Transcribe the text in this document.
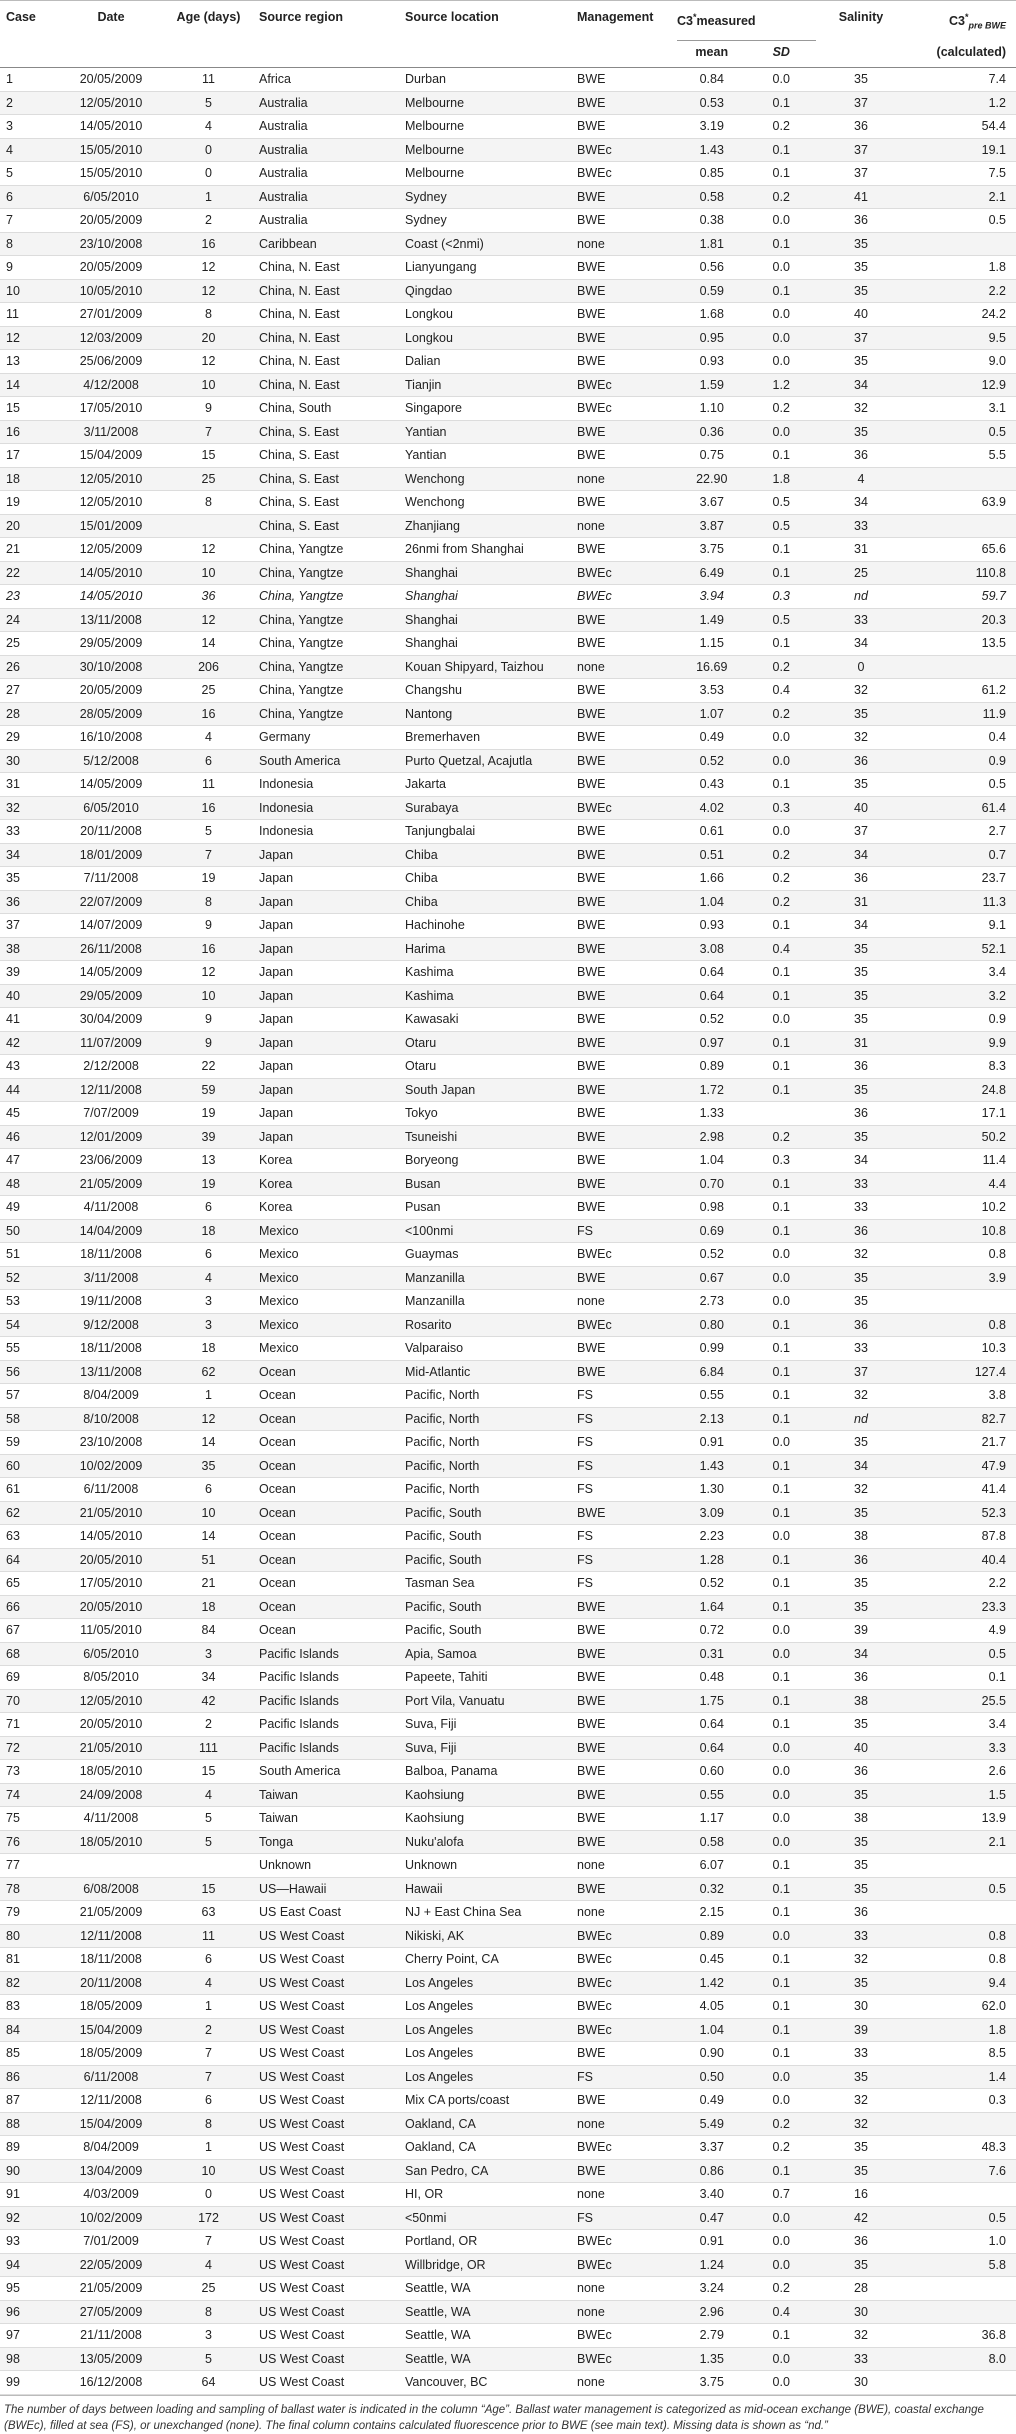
Case	Date	Age (days)	Source region	Source location	Management	C3*measured		Salinity	$C3^*_{pre BWE}$
						mean	SD		(calculated)
1	20/05/2009	11	Africa	Durban	BWE	0.84	0.0	35	7.4
2	12/05/2010	5	Australia	Melbourne	BWE	0.53	0.1	37	1.2
3	14/05/2010	4	Australia	Melbourne	BWE	3.19	0.2	36	54.4
4	15/05/2010	0	Australia	Melbourne	BWEc	1.43	0.1	37	19.1
5	15/05/2010	0	Australia	Melbourne	BWEc	0.85	0.1	37	7.5
6	6/05/2010	1	Australia	Sydney	BWE	0.58	0.2	41	2.1
7	20/05/2009	2	Australia	Sydney	BWE	0.38	0.0	36	0.5
8	23/10/2008	16	Caribbean	Coast (<2nmi)	none	1.81	0.1	35	
9	20/05/2009	12	China, N. East	Lianyungang	BWE	0.56	0.0	35	1.8
10	10/05/2010	12	China, N. East	Qingdao	BWE	0.59	0.1	35	2.2
11	27/01/2009	8	China, N. East	Longkou	BWE	1.68	0.0	40	24.2
12	12/03/2009	20	China, N. East	Longkou	BWE	0.95	0.0	37	9.5
13	25/06/2009	12	China, N. East	Dalian	BWE	0.93	0.0	35	9.0
14	4/12/2008	10	China, N. East	Tianjin	BWEc	1.59	1.2	34	12.9
15	17/05/2010	9	China, South	Singapore	BWEc	1.10	0.2	32	3.1
16	3/11/2008	7	China, S. East	Yantian	BWE	0.36	0.0	35	0.5
17	15/04/2009	15	China, S. East	Yantian	BWE	0.75	0.1	36	5.5
18	12/05/2010	25	China, S. East	Wenchong	none	22.90	1.8	4	
19	12/05/2010	8	China, S. East	Wenchong	BWE	3.67	0.5	34	63.9
20	15/01/2009		China, S. East	Zhanjiang	none	3.87	0.5	33	
21	12/05/2009	12	China, Yangtze	26nmi from Shanghai	BWE	3.75	0.1	31	65.6
22	14/05/2010	10	China, Yangtze	Shanghai	BWEc	6.49	0.1	25	110.8
23	14/05/2010	36	China, Yangtze	Shanghai	BWEc	3.94	0.3	nd	59.7
24	13/11/2008	12	China, Yangtze	Shanghai	BWE	1.49	0.5	33	20.3
25	29/05/2009	14	China, Yangtze	Shanghai	BWE	1.15	0.1	34	13.5
26	30/10/2008	206	China, Yangtze	Kouan Shipyard, Taizhou	none	16.69	0.2	0	
27	20/05/2009	25	China, Yangtze	Changshu	BWE	3.53	0.4	32	61.2
28	28/05/2009	16	China, Yangtze	Nantong	BWE	1.07	0.2	35	11.9
29	16/10/2008	4	Germany	Bremerhaven	BWE	0.49	0.0	32	0.4
30	5/12/2008	6	South America	Purto Quetzal, Acajutla	BWE	0.52	0.0	36	0.9
31	14/05/2009	11	Indonesia	Jakarta	BWE	0.43	0.1	35	0.5
32	6/05/2010	16	Indonesia	Surabaya	BWEc	4.02	0.3	40	61.4
33	20/11/2008	5	Indonesia	Tanjungbalai	BWE	0.61	0.0	37	2.7
34	18/01/2009	7	Japan	Chiba	BWE	0.51	0.2	34	0.7
35	7/11/2008	19	Japan	Chiba	BWE	1.66	0.2	36	23.7
36	22/07/2009	8	Japan	Chiba	BWE	1.04	0.2	31	11.3
37	14/07/2009	9	Japan	Hachinohe	BWE	0.93	0.1	34	9.1
38	26/11/2008	16	Japan	Harima	BWE	3.08	0.4	35	52.1
39	14/05/2009	12	Japan	Kashima	BWE	0.64	0.1	35	3.4
40	29/05/2009	10	Japan	Kashima	BWE	0.64	0.1	35	3.2
41	30/04/2009	9	Japan	Kawasaki	BWE	0.52	0.0	35	0.9
42	11/07/2009	9	Japan	Otaru	BWE	0.97	0.1	31	9.9
43	2/12/2008	22	Japan	Otaru	BWE	0.89	0.1	36	8.3
44	12/11/2008	59	Japan	South Japan	BWE	1.72	0.1	35	24.8
45	7/07/2009	19	Japan	Tokyo	BWE	1.33		36	17.1
46	12/01/2009	39	Japan	Tsuneishi	BWE	2.98	0.2	35	50.2
47	23/06/2009	13	Korea	Boryeong	BWE	1.04	0.3	34	11.4
48	21/05/2009	19	Korea	Busan	BWE	0.70	0.1	33	4.4
49	4/11/2008	6	Korea	Pusan	BWE	0.98	0.1	33	10.2
50	14/04/2009	18	Mexico	<100nmi	FS	0.69	0.1	36	10.8
51	18/11/2008	6	Mexico	Guaymas	BWEc	0.52	0.0	32	0.8
52	3/11/2008	4	Mexico	Manzanilla	BWE	0.67	0.0	35	3.9
53	19/11/2008	3	Mexico	Manzanilla	none	2.73	0.0	35	
54	9/12/2008	3	Mexico	Rosarito	BWEc	0.80	0.1	36	0.8
55	18/11/2008	18	Mexico	Valparaiso	BWE	0.99	0.1	33	10.3
56	13/11/2008	62	Ocean	Mid-Atlantic	BWE	6.84	0.1	37	127.4
57	8/04/2009	1	Ocean	Pacific, North	FS	0.55	0.1	32	3.8
58	8/10/2008	12	Ocean	Pacific, North	FS	2.13	0.1	nd	82.7
59	23/10/2008	14	Ocean	Pacific, North	FS	0.91	0.0	35	21.7
60	10/02/2009	35	Ocean	Pacific, North	FS	1.43	0.1	34	47.9
61	6/11/2008	6	Ocean	Pacific, North	FS	1.30	0.1	32	41.4
62	21/05/2010	10	Ocean	Pacific, South	BWE	3.09	0.1	35	52.3
63	14/05/2010	14	Ocean	Pacific, South	FS	2.23	0.0	38	87.8
64	20/05/2010	51	Ocean	Pacific, South	FS	1.28	0.1	36	40.4
65	17/05/2010	21	Ocean	Tasman Sea	FS	0.52	0.1	35	2.2
66	20/05/2010	18	Ocean	Pacific, South	BWE	1.64	0.1	35	23.3
67	11/05/2010	84	Ocean	Pacific, South	BWE	0.72	0.0	39	4.9
68	6/05/2010	3	Pacific Islands	Apia, Samoa	BWE	0.31	0.0	34	0.5
69	8/05/2010	34	Pacific Islands	Papeete, Tahiti	BWE	0.48	0.1	36	0.1
70	12/05/2010	42	Pacific Islands	Port Vila, Vanuatu	BWE	1.75	0.1	38	25.5
71	20/05/2010	2	Pacific Islands	Suva, Fiji	BWE	0.64	0.1	35	3.4
72	21/05/2010	111	Pacific Islands	Suva, Fiji	BWE	0.64	0.0	40	3.3
73	18/05/2010	15	South America	Balboa, Panama	BWE	0.60	0.0	36	2.6
74	24/09/2008	4	Taiwan	Kaohsiung	BWE	0.55	0.0	35	1.5
75	4/11/2008	5	Taiwan	Kaohsiung	BWE	1.17	0.0	38	13.9
76	18/05/2010	5	Tonga	Nuku'alofa	BWE	0.58	0.0	35	2.1
77			Unknown	Unknown	none	6.07	0.1	35	
78	6/08/2008	15	US—Hawaii	Hawaii	BWE	0.32	0.1	35	0.5
79	21/05/2009	63	US East Coast	NJ + East China Sea	none	2.15	0.1	36	
80	12/11/2008	11	US West Coast	Nikiski, AK	BWEc	0.89	0.0	33	0.8
81	18/11/2008	6	US West Coast	Cherry Point, CA	BWEc	0.45	0.1	32	0.8
82	20/11/2008	4	US West Coast	Los Angeles	BWEc	1.42	0.1	35	9.4
83	18/05/2009	1	US West Coast	Los Angeles	BWEc	4.05	0.1	30	62.0
84	15/04/2009	2	US West Coast	Los Angeles	BWEc	1.04	0.1	39	1.8
85	18/05/2009	7	US West Coast	Los Angeles	BWE	0.90	0.1	33	8.5
86	6/11/2008	7	US West Coast	Los Angeles	FS	0.50	0.0	35	1.4
87	12/11/2008	6	US West Coast	Mix CA ports/coast	BWE	0.49	0.0	32	0.3
88	15/04/2009	8	US West Coast	Oakland, CA	none	5.49	0.2	32	
89	8/04/2009	1	US West Coast	Oakland, CA	BWEc	3.37	0.2	35	48.3
90	13/04/2009	10	US West Coast	San Pedro, CA	BWE	0.86	0.1	35	7.6
91	4/03/2009	0	US West Coast	HI, OR	none	3.40	0.7	16	
92	10/02/2009	172	US West Coast	<50nmi	FS	0.47	0.0	42	0.5
93	7/01/2009	7	US West Coast	Portland, OR	BWEc	0.91	0.0	36	1.0
94	22/05/2009	4	US West Coast	Willbridge, OR	BWEc	1.24	0.0	35	5.8
95	21/05/2009	25	US West Coast	Seattle, WA	none	3.24	0.2	28	
96	27/05/2009	8	US West Coast	Seattle, WA	none	2.96	0.4	30	
97	21/11/2008	3	US West Coast	Seattle, WA	BWEc	2.79	0.1	32	36.8
98	13/05/2009	5	US West Coast	Seattle, WA	BWEc	1.35	0.0	33	8.0
99	16/12/2008	64	US West Coast	Vancouver, BC	none	3.75	0.0	30	
The number of days between loading and sampling of ballast water is indicated in the column “Age”. Ballast water management is categorized as mid-ocean exchange (BWE), coastal exchange (BWEc), filled at sea (FS), or unexchanged (none). The final column contains calculated fluorescence prior to BWE (see main text). Missing data is shown as “nd.”
